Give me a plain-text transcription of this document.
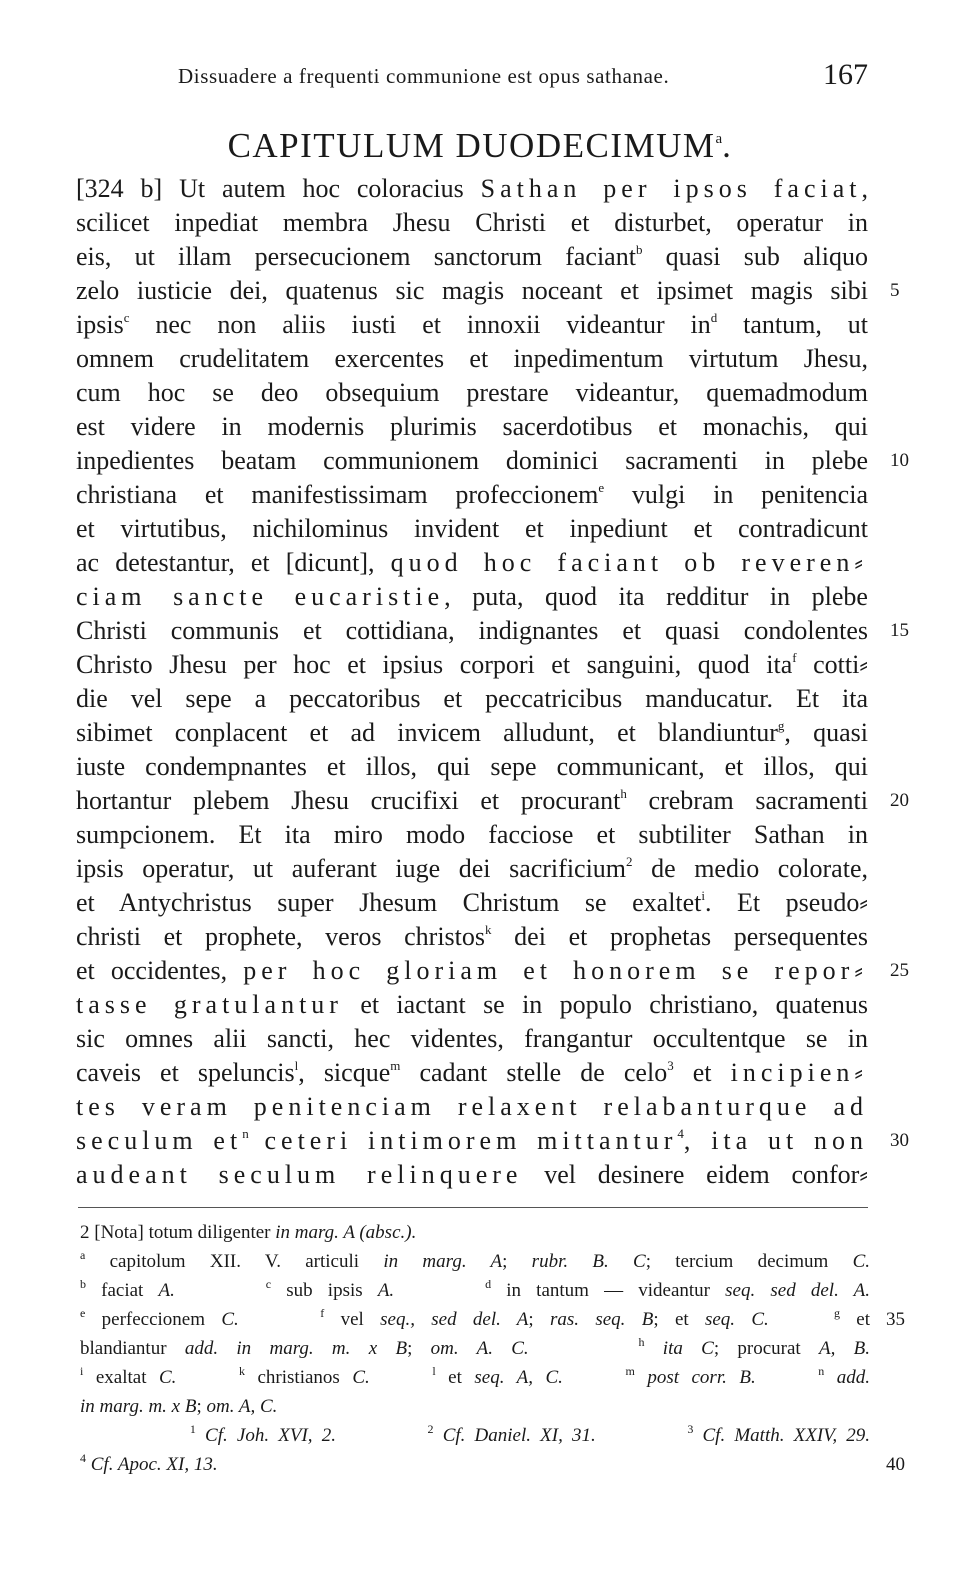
Dissuadere a frequenti communione est opus sathanae.	167
CAPITULUM DUODECIMUM$^a$.
[324 b] Ut autem hoc coloracius Sathan per ipsos faciat,
scilicet inpediat membra Jhesu Christi et disturbet, operatur in
eis, ut illam persecucionem sanctorum faciant$^b$ quasi sub aliquo
zelo iusticie dei, quatenus sic magis noceant et ipsimet magis sibi 5
ipsis$^c$ nec non aliis iusti et innoxii videantur $in^d$ tantum, ut
omnem crudelitatem exercentes et inpedimentum virtutum Jhesu,
cum hoc se deo obsequium prestare videantur, quemadmodum
est videre in modernis plurimis sacerdotibus et monachis, qui
inpedientes beatam communionem dominici sacramenti in plebe 10
christiana et manifestissimam profeccionem$^e$ vulgi in penitencia
et virtutibus, nichilominus invident et inpediunt et contradicunt
ac detestantur, et [dicunt], quod hoc faciant ob reveren⸗
ciam sancte eucaristie, puta, quod ita redditur in plebe
Christi communis et cottidiana, indignantes et quasi condolentes 15
Christo Jhesu per hoc et ipsius corpori et sanguini, quod ita$^f$ cotti⸗
die vel sepe a peccatoribus et peccatricibus manducatur. Et ita
sibimet conplacent et ad invicem alludunt, et blandiuntur$^g$, quasi
iuste condempnantes et illos, qui sepe communicant, et illos, qui
hortantur plebem Jhesu crucifixi et procurant$^h$ crebram sacramenti 20
sumpcionem. Et ita miro modo facciose et subtiliter Sathan in
ipsis operatur, ut auferant iuge dei sacrificium$^2$ de medio colorate,
et Antychristus super Jhesum Christum se exaltet$^i$. Et pseudo⸗
christi et prophete, veros christos$^k$ dei et prophetas persequentes
et occidentes, per hoc gloriam et honorem se repor⸗ 25
tasse gratulantur et iactant se in populo christiano, quatenus
sic omnes alii sancti, hec videntes, frangantur occultentque se in
caveis et speluncis$^l$, sicque$^m$ cadant stelle de celo$^3$ et incipien⸗
tes veram penitenciam relaxent relabanturque ad
seculum $et^n$ ceteri intimorem mittantur$^4$, ita ut non 30
audeant seculum relinquere vel desinere eidem confor⸗
2 [Nota] totum diligenter in marg. A (absc.).
$^a$ capitolum XII. V. articuli in marg. A; rubr. B. C; tercium decimum C.
$^b$ faciat A.	$^c$ sub ipsis A.	$^d$ in tantum — videantur seq. sed del. A.
$^e$ perfeccionem C.	$^f$ vel seq., sed del. A; ras. seq. B; et seq. C.	$^g$ et 35
blandiantur add. in marg. m. x B; om. A. C.	$^h$ ita C; procurat A, B.
$^i$ exaltat C.	$^k$ christianos C.	$^l$ et seq. A, C.	$^m$ post corr. B.	$^n$ add.
in marg. m. x B; om. A, C.
$^1$ Cf. Joh. XVI, 2.	$^2$ Cf. Daniel. XI, 31.	$^3$ Cf. Matth. XXIV, 29.
$^4$ Cf. Apoc. XI, 13.	40
